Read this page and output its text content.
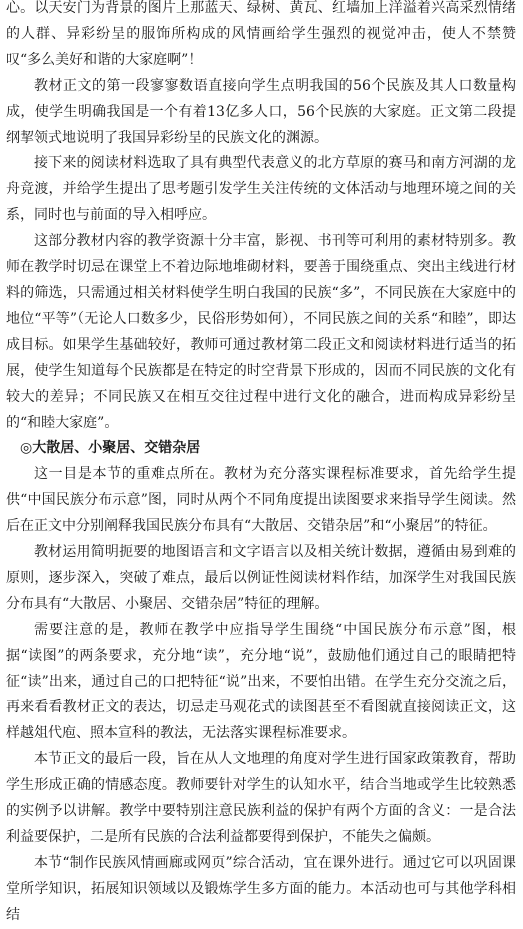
心。以天安门为背景的图片上那蓝天、绿树、黄瓦、红墙加上洋溢着兴高采烈情绪的人群、异彩纷呈的服饰所构成的风情画给学生强烈的视觉冲击，使人不禁赞叹“多么美好和谐的大家庭啊”！

教材正文的第一段寥寥数语直接向学生点明我国的56个民族及其人口数量构成，使学生明确我国是一个有着13亿多人口，56个民族的大家庭。正文第二段提纲挈领式地说明了我国异彩纷呈的民族文化的渊源。

接下来的阅读材料选取了具有典型代表意义的北方草原的赛马和南方河湖的龙舟竞渡，并给学生提出了思考题引发学生关注传统的文体活动与地理环境之间的关系，同时也与前面的导入相呼应。

这部分教材内容的教学资源十分丰富，影视、书刊等可利用的素材特别多。教师在教学时切忌在课堂上不着边际地堆砌材料，要善于围绕重点、突出主线进行材料的筛选，只需通过相关材料使学生明白我国的民族“多”，不同民族在大家庭中的地位“平等”（无论人口数多少，民俗形势如何），不同民族之间的关系“和睦”，即达成目标。如果学生基础较好，教师可通过教材第二段正文和阅读材料进行适当的拓展，使学生知道每个民族都是在特定的时空背景下形成的，因而不同民族的文化有较大的差异；不同民族又在相互交往过程中进行文化的融合，进而构成异彩纷呈的“和睦大家庭”。

◎大散居、小聚居、交错杂居

这一目是本节的重难点所在。教材为充分落实课程标准要求，首先给学生提供“中国民族分布示意”图，同时从两个不同角度提出读图要求来指导学生阅读。然后在正文中分别阐释我国民族分布具有“大散居、交错杂居”和“小聚居”的特征。

教材运用简明扼要的地图语言和文字语言以及相关统计数据，遵循由易到难的原则，逐步深入，突破了难点，最后以例证性阅读材料作结，加深学生对我国民族分布具有“大散居、小聚居、交错杂居”特征的理解。

需要注意的是，教师在教学中应指导学生围绕“中国民族分布示意”图，根据“读图”的两条要求，充分地“读”，充分地“说”，鼓励他们通过自己的眼睛把特征“读”出来，通过自己的口把特征“说”出来，不要怕出错。在学生充分交流之后，再来看看教材正文的表达，切忌走马观花式的读图甚至不看图就直接阅读正文，这样越俎代庖、照本宣科的教法，无法落实课程标准要求。

本节正文的最后一段，旨在从人文地理的角度对学生进行国家政策教育，帮助学生形成正确的情感态度。教师要针对学生的认知水平，结合当地或学生比较熟悉的实例予以讲解。教学中要特别注意民族利益的保护有两个方面的含义：一是合法利益要保护，二是所有民族的合法利益都要得到保护，不能失之偏颇。

本节“制作民族风情画廊或网页”综合活动，宜在课外进行。通过它可以巩固课堂所学知识，拓展知识领域以及锻炼学生多方面的能力。本活动也可与其他学科相结
